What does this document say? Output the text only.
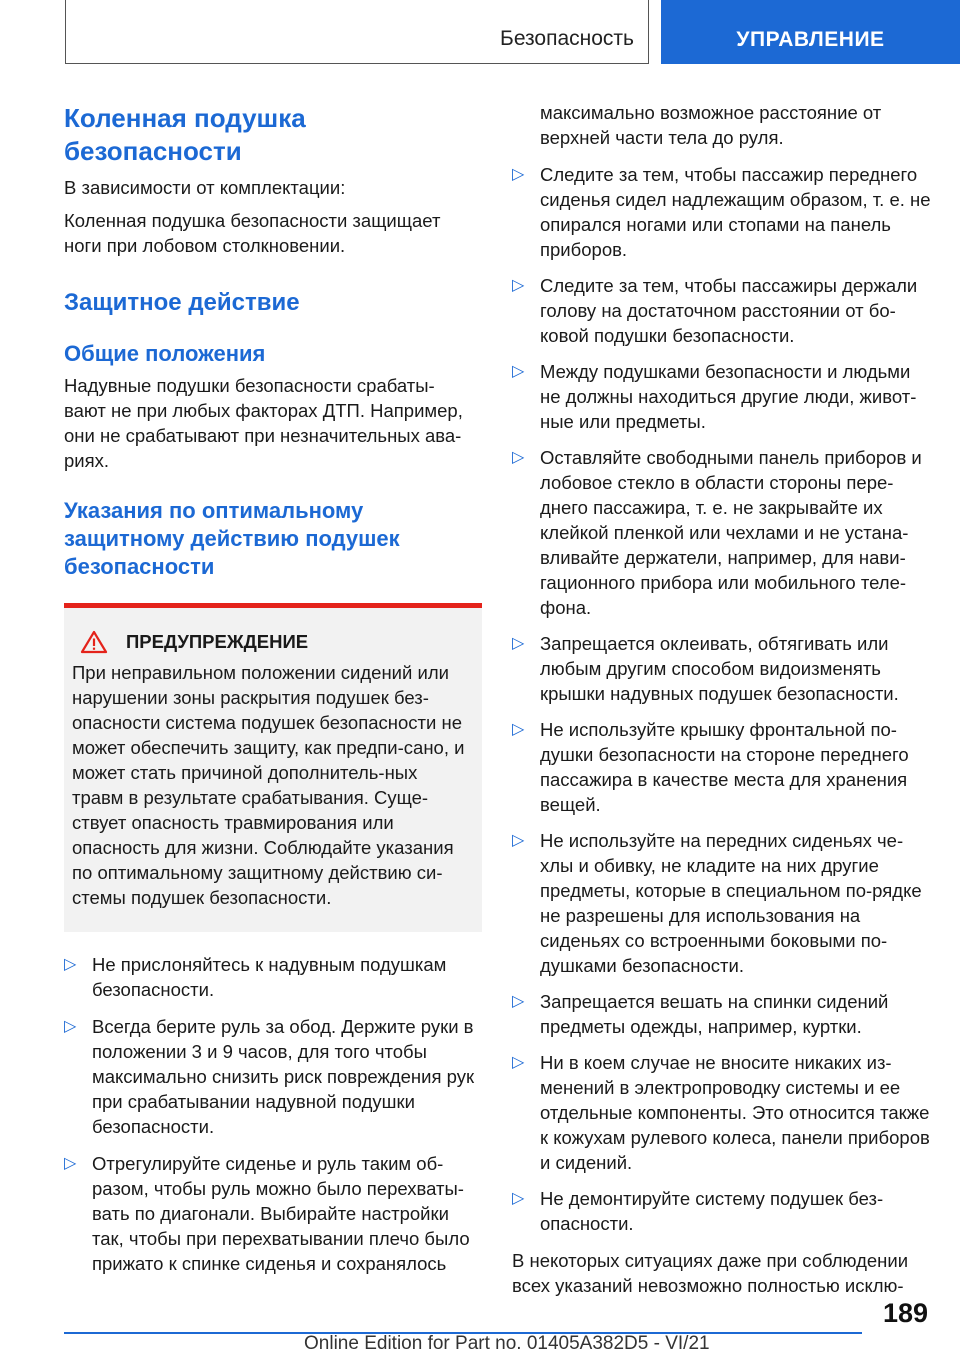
Безопасность	УПРАВЛЕНИЕ
Коленная подушка безопасности

В зависимости от комплектации:

Коленная подушка безопасности защищает ноги при лобовом столкновении.

Защитное действие
Общие положения

Надувные подушки безопасности срабаты-вают не при любых факторах ДТП. Например, они не срабатывают при незначительных ава-риях.

Указания по оптимальному защитному действию подушек безопасности
ПРЕДУПРЕЖДЕНИЕ

При неправильном положении сидений или нарушении зоны раскрытия подушек без-опасности система подушек безопасности не может обеспечить защиту, как предпи-сано, и может стать причиной дополнитель-ных травм в результате срабатывания. Суще-ствует опасность травмирования или опасность для жизни. Соблюдайте указания по оптимальному защитному действию си-стемы подушек безопасности.

▷ Не прислоняйтесь к надувным подушкам безопасности.
▷ Всегда берите руль за обод. Держите руки в положении 3 и 9 часов, для того чтобы максимально снизить риск повреждения рук при срабатывании надувной подушки безопасности.
▷ Отрегулируйте сиденье и руль таким об-разом, чтобы руль можно было перехваты-вать по диагонали. Выбирайте настройки так, чтобы при перехватывании плечо было прижато к спинке сиденья и сохранялось

максимально возможное расстояние от верхней части тела до руля.

▷ Следите за тем, чтобы пассажир переднего сиденья сидел надлежащим образом, т. е. не опирался ногами или стопами на панель приборов.
▷ Следите за тем, чтобы пассажиры держали голову на достаточном расстоянии от бо-ковой подушки безопасности.
▷ Между подушками безопасности и людьми не должны находиться другие люди, живот-ные или предметы.
▷ Оставляйте свободными панель приборов и лобовое стекло в области стороны пере-днего пассажира, т. е. не закрывайте их клейкой пленкой или чехлами и не устана-вливайте держатели, например, для нави-гационного прибора или мобильного теле-фона.
▷ Запрещается оклеивать, обтягивать или любым другим способом видоизменять крышки надувных подушек безопасности.
▷ Не используйте крышку фронтальной по-душки безопасности на стороне переднего пассажира в качестве места для хранения вещей.
▷ Не используйте на передних сиденьях че-хлы и обивку, не кладите на них другие предметы, которые в специальном по-рядке не разрешены для использования на сиденьях со встроенными боковыми по-душками безопасности.
▷ Запрещается вешать на спинки сидений предметы одежды, например, куртки.
▷ Ни в коем случае не вносите никаких из-менений в электропроводку системы и ее отдельные компоненты. Это относится также к кожухам рулевого колеса, панели приборов и сидений.
▷ Не демонтируйте систему подушек без-опасности.

В некоторых ситуациях даже при соблюдении всех указаний невозможно полностью исклю-

189
Online Edition for Part no. 01405A382D5 - VI/21
